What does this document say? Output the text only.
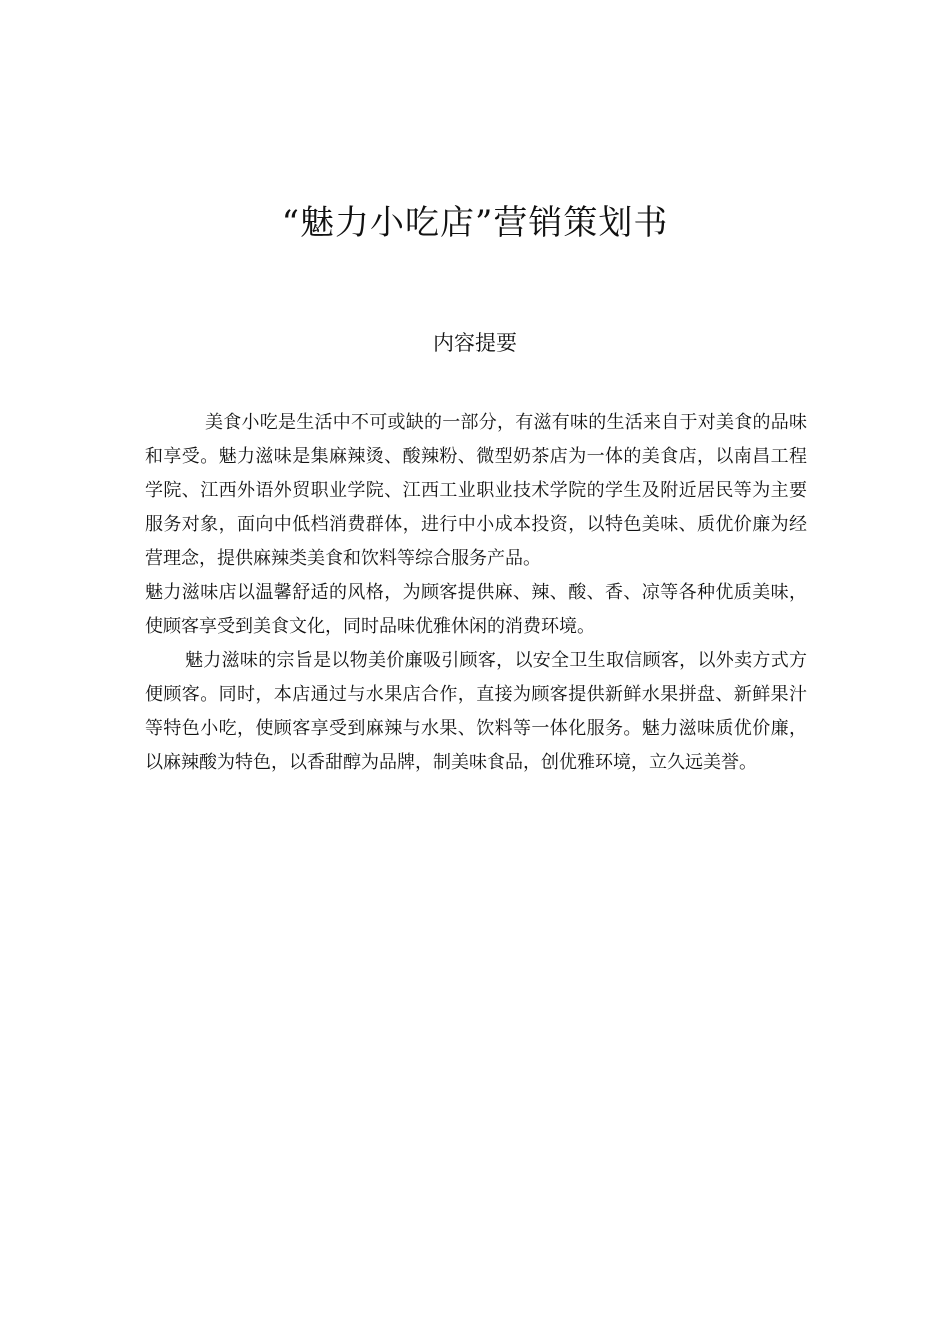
“魅力小吃店”营销策划书
内容提要

美食小吃是生活中不可或缺的一部分，有滋有味的生活来自于对美食的品味和享受。魅力滋味是集麻辣烫、酸辣粉、微型奶茶店为一体的美食店，以南昌工程学院、江西外语外贸职业学院、江西工业职业技术学院的学生及附近居民等为主要服务对象，面向中低档消费群体，进行中小成本投资，以特色美味、质优价廉为经营理念，提供麻辣类美食和饮料等综合服务产品。

魅力滋味店以温馨舒适的风格，为顾客提供麻、辣、酸、香、凉等各种优质美味，使顾客享受到美食文化，同时品味优雅休闲的消费环境。

魅力滋味的宗旨是以物美价廉吸引顾客，以安全卫生取信顾客，以外卖方式方便顾客。同时，本店通过与水果店合作，直接为顾客提供新鲜水果拼盘、新鲜果汁等特色小吃，使顾客享受到麻辣与水果、饮料等一体化服务。魅力滋味质优价廉，以麻辣酸为特色，以香甜醇为品牌，制美味食品，创优雅环境，立久远美誉。
